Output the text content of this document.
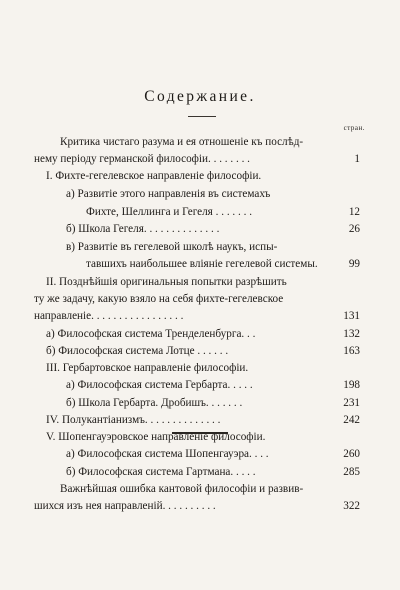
Содержание.
стран.
Критика чистаго разума и ея отношеніе къ послѣд-
нему періоду германской философіи. . . . . . . .	1
I. Фихте-гегелевское направленіе философіи.
а) Развитіе этого направленія въ системахъ
Фихте, Шеллинга и Гегеля . . . . . . .	12
б) Школа Гегеля. . . . . . . . . . . . . .	26
в) Развитіе въ гегелевой школѣ наукъ, испы-
тавшихъ наибольшее вліяніе гегелевой системы.	99
II. Позднѣйшія оригинальныя попытки разрѣшить
ту же задачу, какую взяло на себя фихте-гегелевское
направленіе. . . . . . . . . . . . . . . . .	131
а) Философская система Тренделенбурга. . .	132
б) Философская система Лотце . . . . . .	163
III. Гербартовское направленіе философіи.
а) Философская система Гербарта. . . . .	198
б) Школа Гербарта. Дробишъ. . . . . . .	231
IV. Полукантіанизмъ. . . . . . . . . . . . . .	242
V. Шопенгауэровское направленіе философіи.
а) Философская система Шопенгауэра. . . .	260
б) Философская система Гартмана. . . . .	285
Важнѣйшая ошибка кантовой философіи и развив-
шихся изъ нея направленій. . . . . . . . . .	322
